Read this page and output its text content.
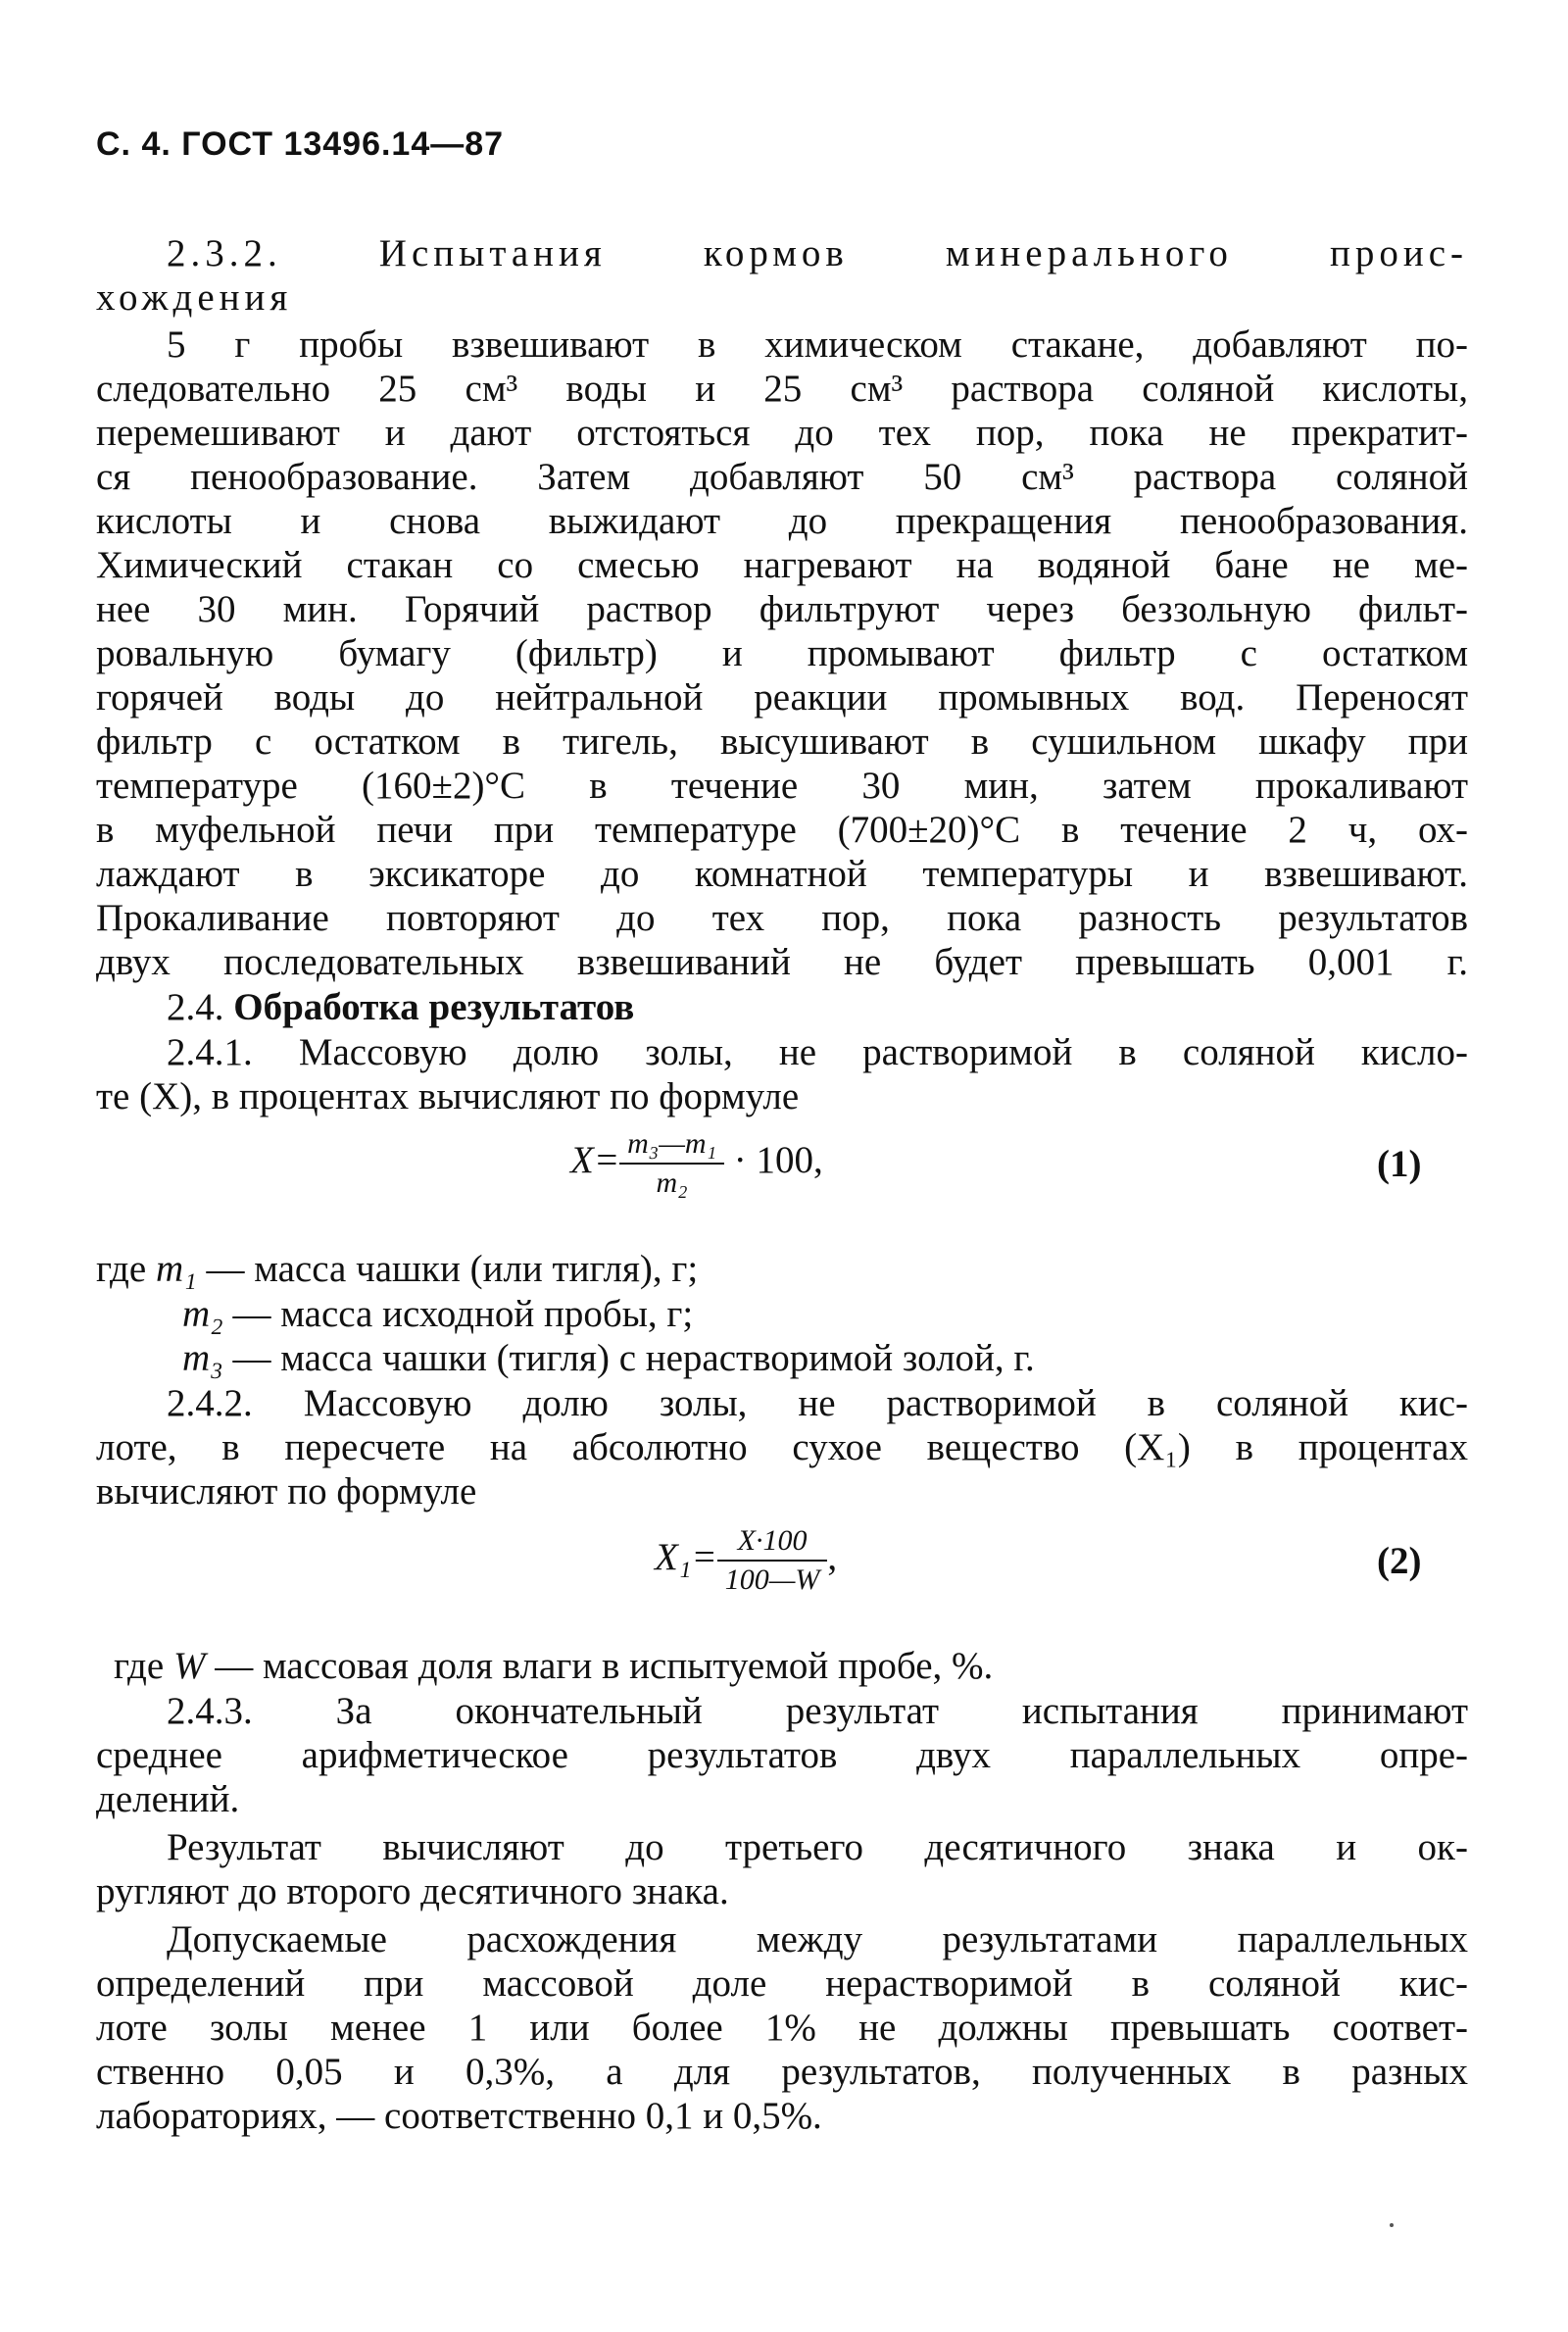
С. 4. ГОСТ 13496.14—87
2.3.2. Испытания кормов минерального проис-
хождения
5 г пробы взвешивают в химическом стакане, добавляют по-
следовательно 25 см³ воды и 25 см³ раствора соляной кислоты,
перемешивают и дают отстояться до тех пор, пока не прекратит-
ся пенообразование. Затем добавляют 50 см³ раствора соляной
кислоты и снова выжидают до прекращения пенообразования.
Химический стакан со смесью нагревают на водяной бане не ме-
нее 30 мин. Горячий раствор фильтруют через беззольную фильт-
ровальную бумагу (фильтр) и промывают фильтр с остатком
горячей воды до нейтральной реакции промывных вод. Переносят
фильтр с остатком в тигель, высушивают в сушильном шкафу при
температуре (160±2)°С в течение 30 мин, затем прокаливают
в муфельной печи при температуре (700±20)°С в течение 2 ч, ох-
лаждают в эксикаторе до комнатной температуры и взвешивают.
Прокаливание повторяют до тех пор, пока разность результатов
двух последовательных взвешиваний не будет превышать 0,001 г.
2.4. Обработка результатов
2.4.1. Массовую долю золы, не растворимой в соляной кисло-
те (X), в процентах вычисляют по формуле
$X= \frac{\text{m₃—m₁}}{\text{m₂}} \cdot 100$,	(1)
где m₁ — масса чашки (или тигля), г;
m₂ — масса исходной пробы, г;
m₃ — масса чашки (тигля) с нерастворимой золой, г.
2.4.2. Массовую долю золы, не растворимой в соляной кис-
лоте, в пересчете на абсолютно сухое вещество (X₁) в процентах
вычисляют по формуле
$X_1= \frac{X\cdot 100}{100—W}$ ,	(2)
где W — массовая доля влаги в испытуемой пробе, %.
2.4.3. За окончательный результат испытания принимают
среднее арифметическое результатов двух параллельных опре-
делений.
Результат вычисляют до третьего десятичного знака и ок-
ругляют до второго десятичного знака.
Допускаемые расхождения между результатами параллельных
определений при массовой доле нерастворимой в соляной кис-
лоте золы менее 1 или более 1% не должны превышать соответ-
ственно 0,05 и 0,3%, а для результатов, полученных в разных
лабораториях, — соответственно 0,1 и 0,5%.
